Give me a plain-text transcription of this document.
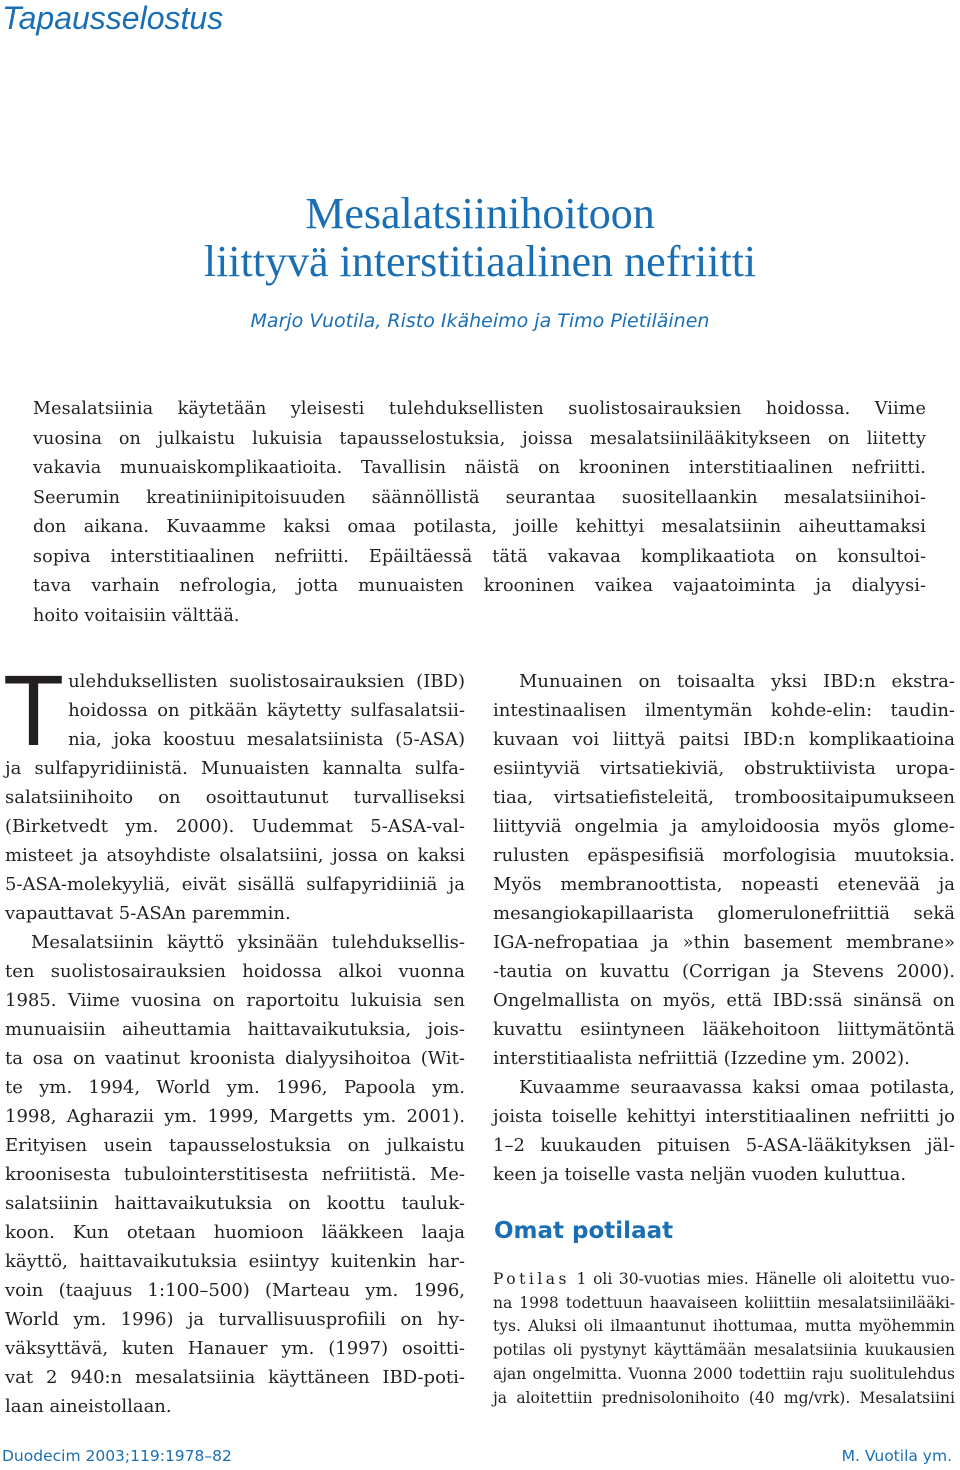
Tapausselostus
Mesalatsiinihoitoon
liittyvä interstitiaalinen nefriitti
Marjo Vuotila, Risto Ikäheimo ja Timo Pietiläinen
Mesalatsiinia käytetään yleisesti tulehduksellisten suolistosairauksien hoidossa. Viime
vuosina on julkaistu lukuisia tapausselostuksia, joissa mesalatsiinilääkitykseen on liitetty
vakavia munuaiskomplikaatioita. Tavallisin näistä on krooninen interstitiaalinen nefriitti.
Seerumin kreatiniinipitoisuuden säännöllistä seurantaa suositellaankin mesalatsiinihoi-
don aikana. Kuvaamme kaksi omaa potilasta, joille kehittyi mesalatsiinin aiheuttamaksi
sopiva interstitiaalinen nefriitti. Epäiltäessä tätä vakavaa komplikaatiota on konsultoi-
tava varhain nefrologia, jotta munuaisten krooninen vaikea vajaatoiminta ja dialyysi-
hoito voitaisiin välttää.
T ulehduksellisten suolistosairauksien (IBD)
hoidossa on pitkään käytetty sulfasalatsii-
nia, joka koostuu mesalatsiinista (5-ASA)
ja sulfapyridiinistä. Munuaisten kannalta sulfa-
salatsiinihoito on osoittautunut turvalliseksi
(Birketvedt ym. 2000). Uudemmat 5-ASA-val-
misteet ja atsoyhdiste olsalatsiini, jossa on kaksi
5-ASA-molekyyliä, eivät sisällä sulfapyridiiniä ja
vapauttavat 5-ASAn paremmin.
Mesalatsiinin käyttö yksinään tulehduksellis-
ten suolistosairauksien hoidossa alkoi vuonna
1985. Viime vuosina on raportoitu lukuisia sen
munuaisiin aiheuttamia haittavaikutuksia, jois-
ta osa on vaatinut kroonista dialyysihoitoa (Wit-
te ym. 1994, World ym. 1996, Papoola ym.
1998, Agharazii ym. 1999, Margetts ym. 2001).
Erityisen usein tapausselostuksia on julkaistu
kroonisesta tubulointerstitisesta nefriitistä. Me-
salatsiinin haittavaikutuksia on koottu tauluk-
koon. Kun otetaan huomioon lääkkeen laaja
käyttö, haittavaikutuksia esiintyy kuitenkin har-
voin (taajuus 1:100–500) (Marteau ym. 1996,
World ym. 1996) ja turvallisuusprofiili on hy-
väksyttävä, kuten Hanauer ym. (1997) osoitti-
vat 2 940:n mesalatsiinia käyttäneen IBD-poti-
laan aineistollaan.
Munuainen on toisaalta yksi IBD:n ekstra-
intestinaalisen ilmentymän kohde-elin: taudin-
kuvaan voi liittyä paitsi IBD:n komplikaatioina
esiintyviä virtsatiekiviä, obstruktiivista uropa-
tiaa, virtsatiefisteleitä, tromboositaipumukseen
liittyviä ongelmia ja amyloidoosia myös glome-
rulusten epäspesifisiä morfologisia muutoksia.
Myös membranoottista, nopeasti etenevää ja
mesangiokapillaarista glomerulonefriittiä sekä
IGA-nefropatiaa ja »thin basement membrane»
-tautia on kuvattu (Corrigan ja Stevens 2000).
Ongelmallista on myös, että IBD:ssä sinänsä on
kuvattu esiintyneen lääkehoitoon liittymätöntä
interstitiaalista nefriittiä (Izzedine ym. 2002).
Kuvaamme seuraavassa kaksi omaa potilasta,
joista toiselle kehittyi interstitiaalinen nefriitti jo
1–2 kuukauden pituisen 5-ASA-lääkityksen jäl-
keen ja toiselle vasta neljän vuoden kuluttua.
Omat potilaat
Potilas 1 oli 30-vuotias mies. Hänelle oli aloitettu vuo-
na 1998 todettuun haavaiseen koliittiin mesalatsiinilääki-
tys. Aluksi oli ilmaantunut ihottumaa, mutta myöhemmin
potilas oli pystynyt käyttämään mesalatsiinia kuukausien
ajan ongelmitta. Vuonna 2000 todettiin raju suolitulehdus
ja aloitettiin prednisolonihoito (40 mg/vrk). Mesalatsiini
Duodecim 2003;119:1978–82	M. Vuotila ym.
